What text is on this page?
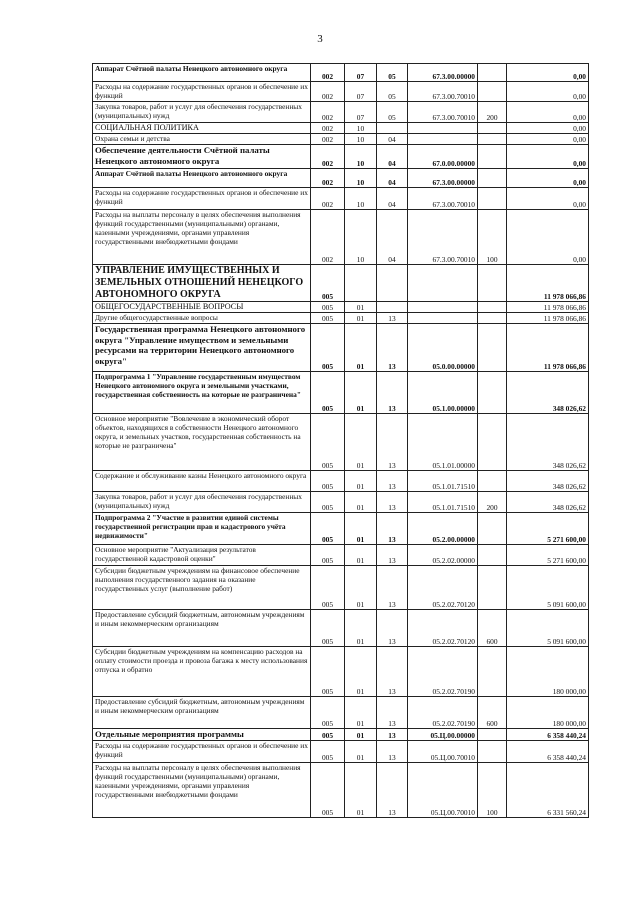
3
Аппарат Счётной палаты Ненецкого автономного округа	002	07	05	67.3.00.00000		0,00
Расходы на содержание государственных органов и обеспечение их функций	002	07	05	67.3.00.70010		0,00
Закупка товаров, работ и услуг для обеспечения государственных (муниципальных) нужд	002	07	05	67.3.00.70010	200	0,00
СОЦИАЛЬНАЯ ПОЛИТИКА	002	10				0,00
Охрана семьи и детства	002	10	04			0,00
Обеспечение деятельности Счётной палаты Ненецкого автономного округа	002	10	04	67.0.00.00000		0,00
Аппарат Счётной палаты Ненецкого автономного округа	002	10	04	67.3.00.00000		0,00
Расходы на содержание государственных органов и обеспечение их функций	002	10	04	67.3.00.70010		0,00
Расходы на выплаты персоналу в целях обеспечения выполнения функций государственными (муниципальными) органами, казенными учреждениями, органами управления государственными внебюджетными фондами	002	10	04	67.3.00.70010	100	0,00
УПРАВЛЕНИЕ ИМУЩЕСТВЕННЫХ И ЗЕМЕЛЬНЫХ ОТНОШЕНИЙ НЕНЕЦКОГО АВТОНОМНОГО ОКРУГА	005					11 978 066,86
ОБЩЕГОСУДАРСТВЕННЫЕ ВОПРОСЫ	005	01				11 978 066,86
Другие общегосударственные вопросы	005	01	13			11 978 066,86
Государственная программа Ненецкого автономного округа "Управление имуществом и земельными ресурсами на территории Ненецкого автономного округа"	005	01	13	05.0.00.00000		11 978 066,86
Подпрограмма 1 "Управление государственным имуществом Ненецкого автономного округа и земельными участками, государственная собственность на которые не разграничена"	005	01	13	05.1.00.00000		348 026,62
Основное мероприятие "Вовлечение в экономический оборот объектов, находящихся в собственности Ненецкого автономного округа, и земельных участков, государственная собственность на которые не разграничена"	005	01	13	05.1.01.00000		348 026,62
Содержание и обслуживание казны Ненецкого автономного округа	005	01	13	05.1.01.71510		348 026,62
Закупка товаров, работ и услуг для обеспечения государственных (муниципальных) нужд	005	01	13	05.1.01.71510	200	348 026,62
Подпрограмма 2 "Участие в развитии единой системы государственной регистрации прав и кадастрового учёта недвижимости"	005	01	13	05.2.00.00000		5 271 600,00
Основное мероприятие "Актуализация результатов государственной кадастровой оценки"	005	01	13	05.2.02.00000		5 271 600,00
Субсидии бюджетным учреждениям на финансовое обеспечение выполнения государственного задания на оказание государственных услуг (выполнение работ)	005	01	13	05.2.02.70120		5 091 600,00
Предоставление субсидий бюджетным, автономным учреждениям и иным некоммерческим организациям	005	01	13	05.2.02.70120	600	5 091 600,00
Субсидии бюджетным учреждениям на компенсацию расходов на оплату стоимости проезда и провоза багажа к месту использования отпуска и обратно	005	01	13	05.2.02.70190		180 000,00
Предоставление субсидий бюджетным, автономным учреждениям и иным некоммерческим организациям	005	01	13	05.2.02.70190	600	180 000,00
Отдельные мероприятия программы	005	01	13	05.Ц.00.00000		6 358 440,24
Расходы на содержание государственных органов и обеспечение их функций	005	01	13	05.Ц.00.70010		6 358 440,24
Расходы на выплаты персоналу в целях обеспечения выполнения функций государственными (муниципальными) органами, казенными учреждениями, органами управления государственными внебюджетными фондами	005	01	13	05.Ц.00.70010	100	6 331 560,24
